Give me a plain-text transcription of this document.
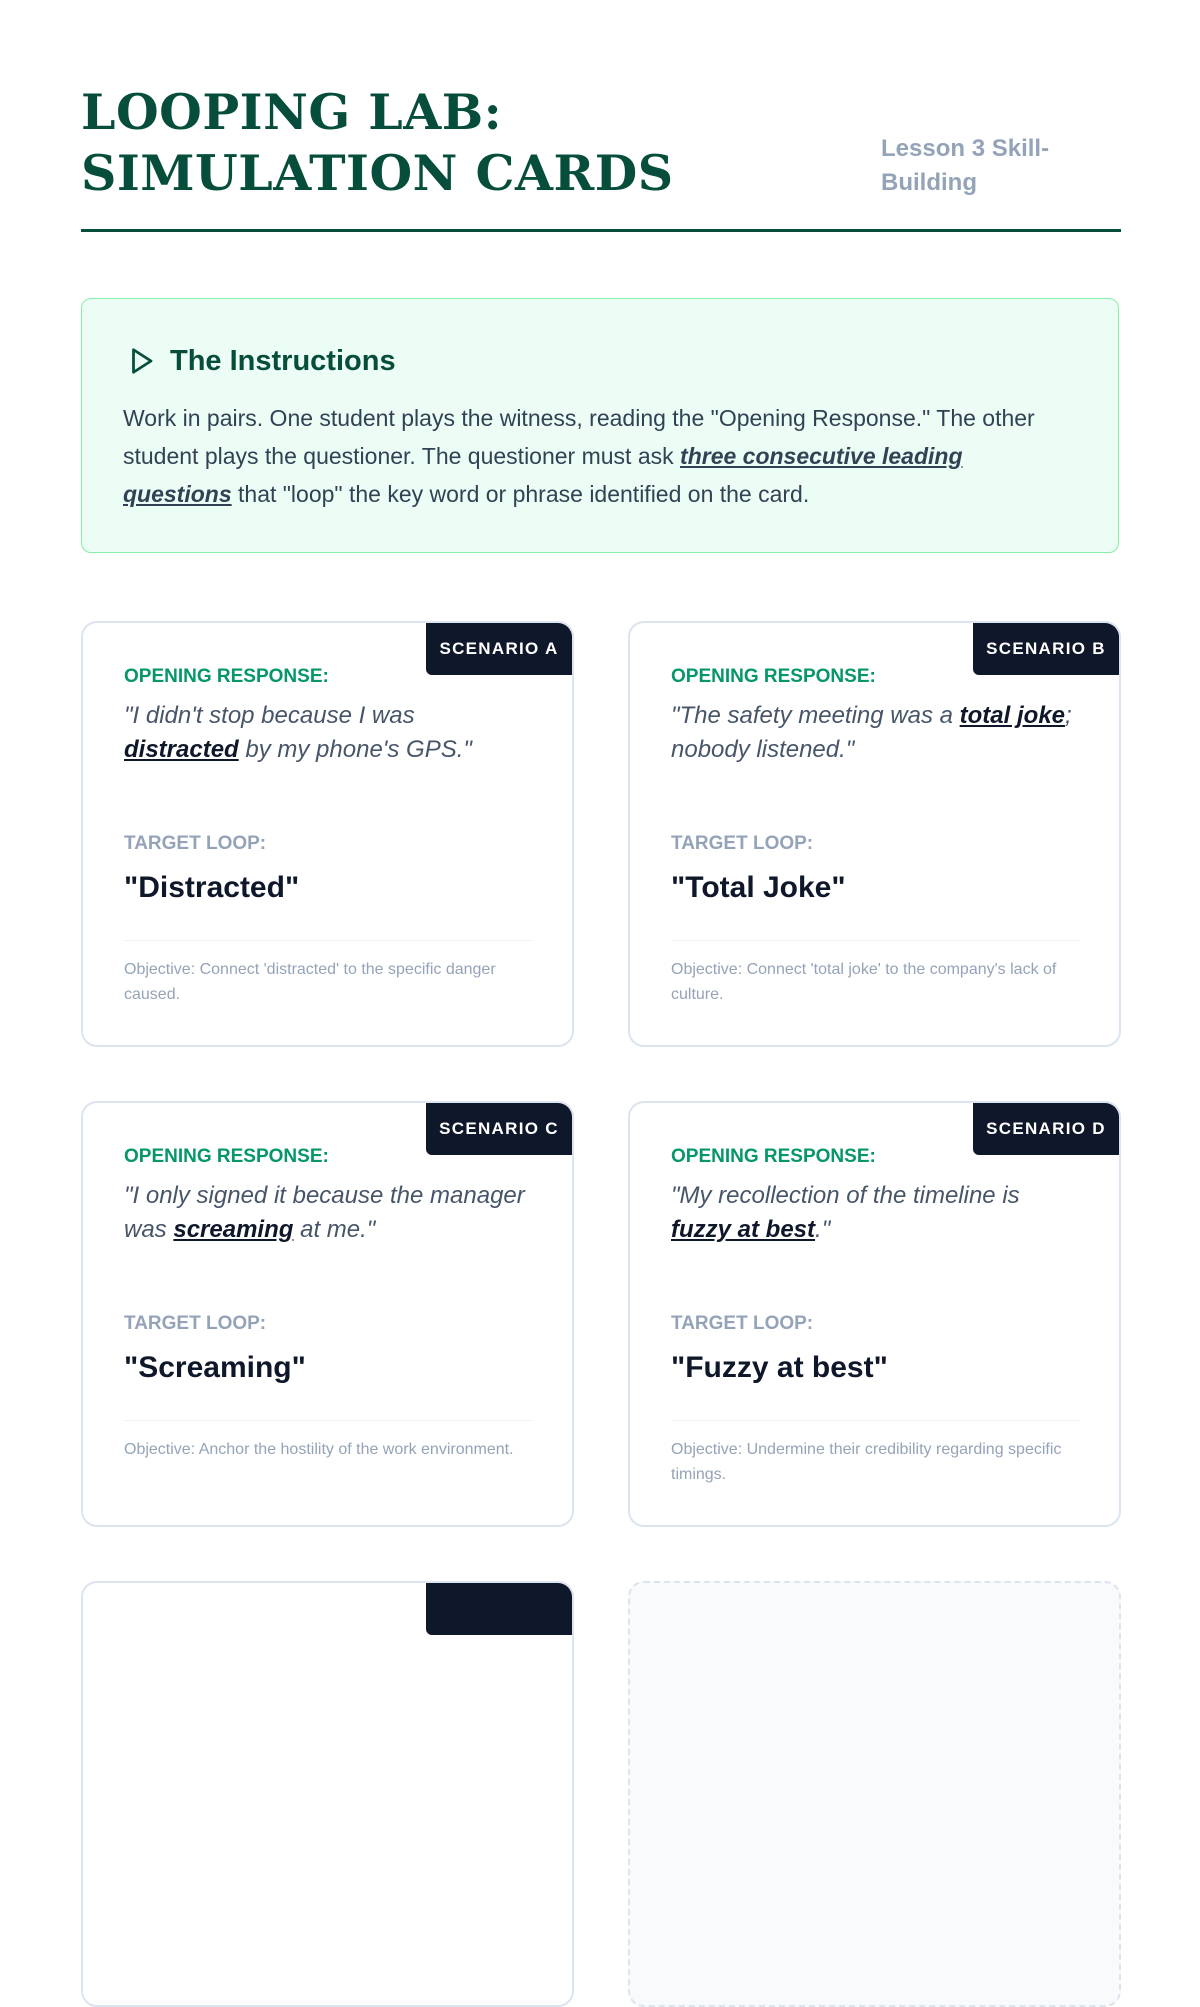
LOOPING LAB: SIMULATION CARDS	Lesson 3 Skill-Building
The Instructions

Work in pairs. One student plays the witness, reading the "Opening Response." The other student plays the questioner. The questioner must ask three consecutive leading questions that "loop" the key word or phrase identified on the card.

SCENARIO A
OPENING RESPONSE:

"I didn't stop because I was distracted by my phone's GPS."

TARGET LOOP:
"Distracted"

Objective: Connect 'distracted' to the specific danger caused.

SCENARIO B
OPENING RESPONSE:

"The safety meeting was a total joke; nobody listened."

TARGET LOOP:
"Total Joke"

Objective: Connect 'total joke' to the company's lack of culture.

SCENARIO C
OPENING RESPONSE:

"I only signed it because the manager was screaming at me."

TARGET LOOP:
"Screaming"

Objective: Anchor the hostility of the work environment.

SCENARIO D
OPENING RESPONSE:

"My recollection of the timeline is fuzzy at best."

TARGET LOOP:
"Fuzzy at best"

Objective: Undermine their credibility regarding specific timings.
